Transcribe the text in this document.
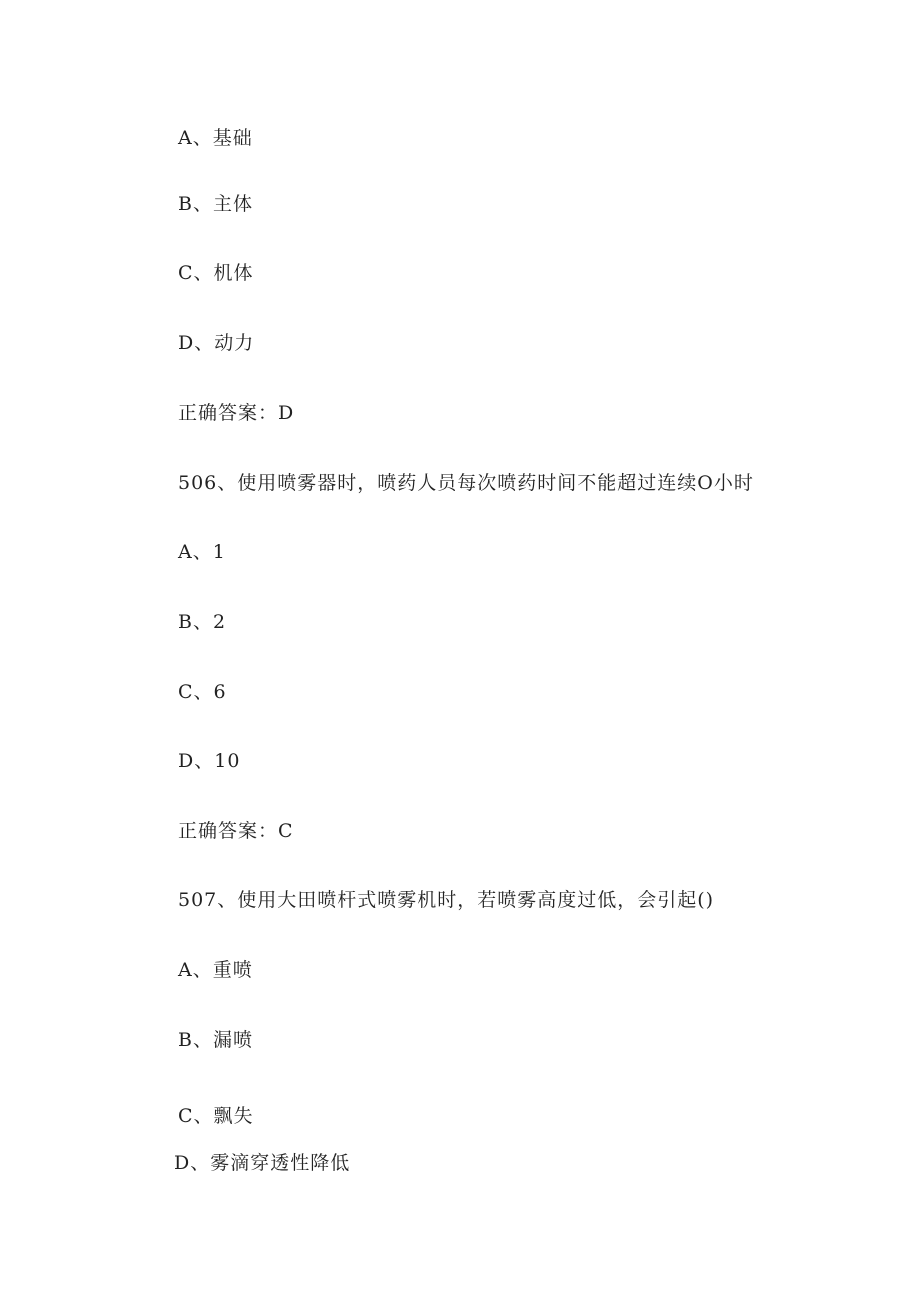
A、基础
B、主体
C、机体
D、动力
正确答案：D
506、使用喷雾器时，喷药人员每次喷药时间不能超过连续O小时
A、1
B、2
C、6
D、10
正确答案：C
507、使用大田喷杆式喷雾机时，若喷雾高度过低，会引起()
A、重喷
B、漏喷
C、飘失
D、雾滴穿透性降低
